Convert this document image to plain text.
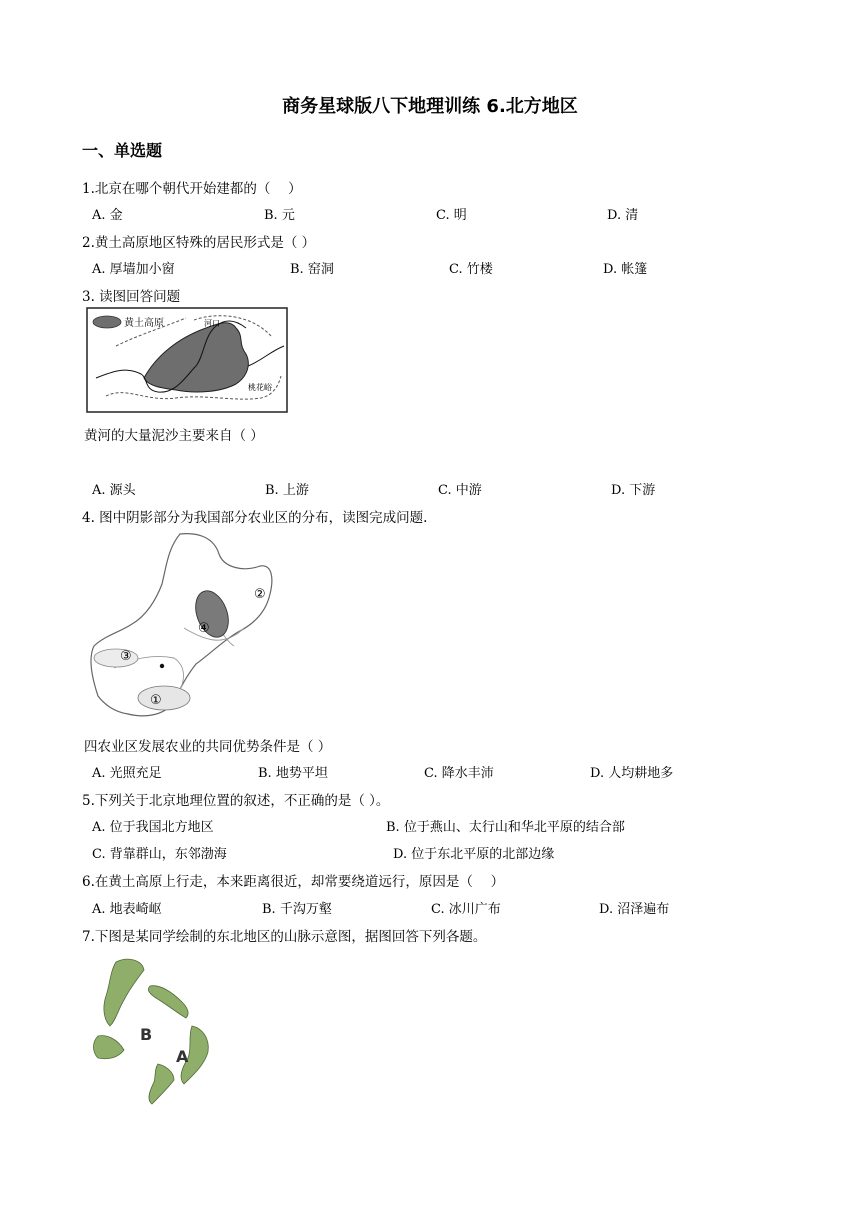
商务星球版八下地理训练 6.北方地区
一、单选题
1.北京在哪个朝代开始建都的（　 ）
A. 金	B. 元	C. 明	D. 清
2.黄土高原地区特殊的居民形式是（ ）
A. 厚墙加小窗	B. 窑洞	C. 竹楼	D. 帐篷
3. 读图回答问题
黄土高原	河口
桃花峪
黄河的大量泥沙主要来自（ ）
A. 源头	B. 上游	C. 中游	D. 下游
4. 图中阴影部分为我国部分农业区的分布，读图完成问题.
②
④
③
①
四农业区发展农业的共同优势条件是（ ）
A. 光照充足	B. 地势平坦	C. 降水丰沛	D. 人均耕地多
5.下列关于北京地理位置的叙述，不正确的是（ ）。
A. 位于我国北方地区	B. 位于燕山、太行山和华北平原的结合部
C. 背靠群山，东邻渤海	D. 位于东北平原的北部边缘
6.在黄土高原上行走，本来距离很近，却常要绕道远行，原因是（　 ）
A. 地表崎岖	B. 千沟万壑	C. 冰川广布	D. 沼泽遍布
7.下图是某同学绘制的东北地区的山脉示意图，据图回答下列各题。
B
A
